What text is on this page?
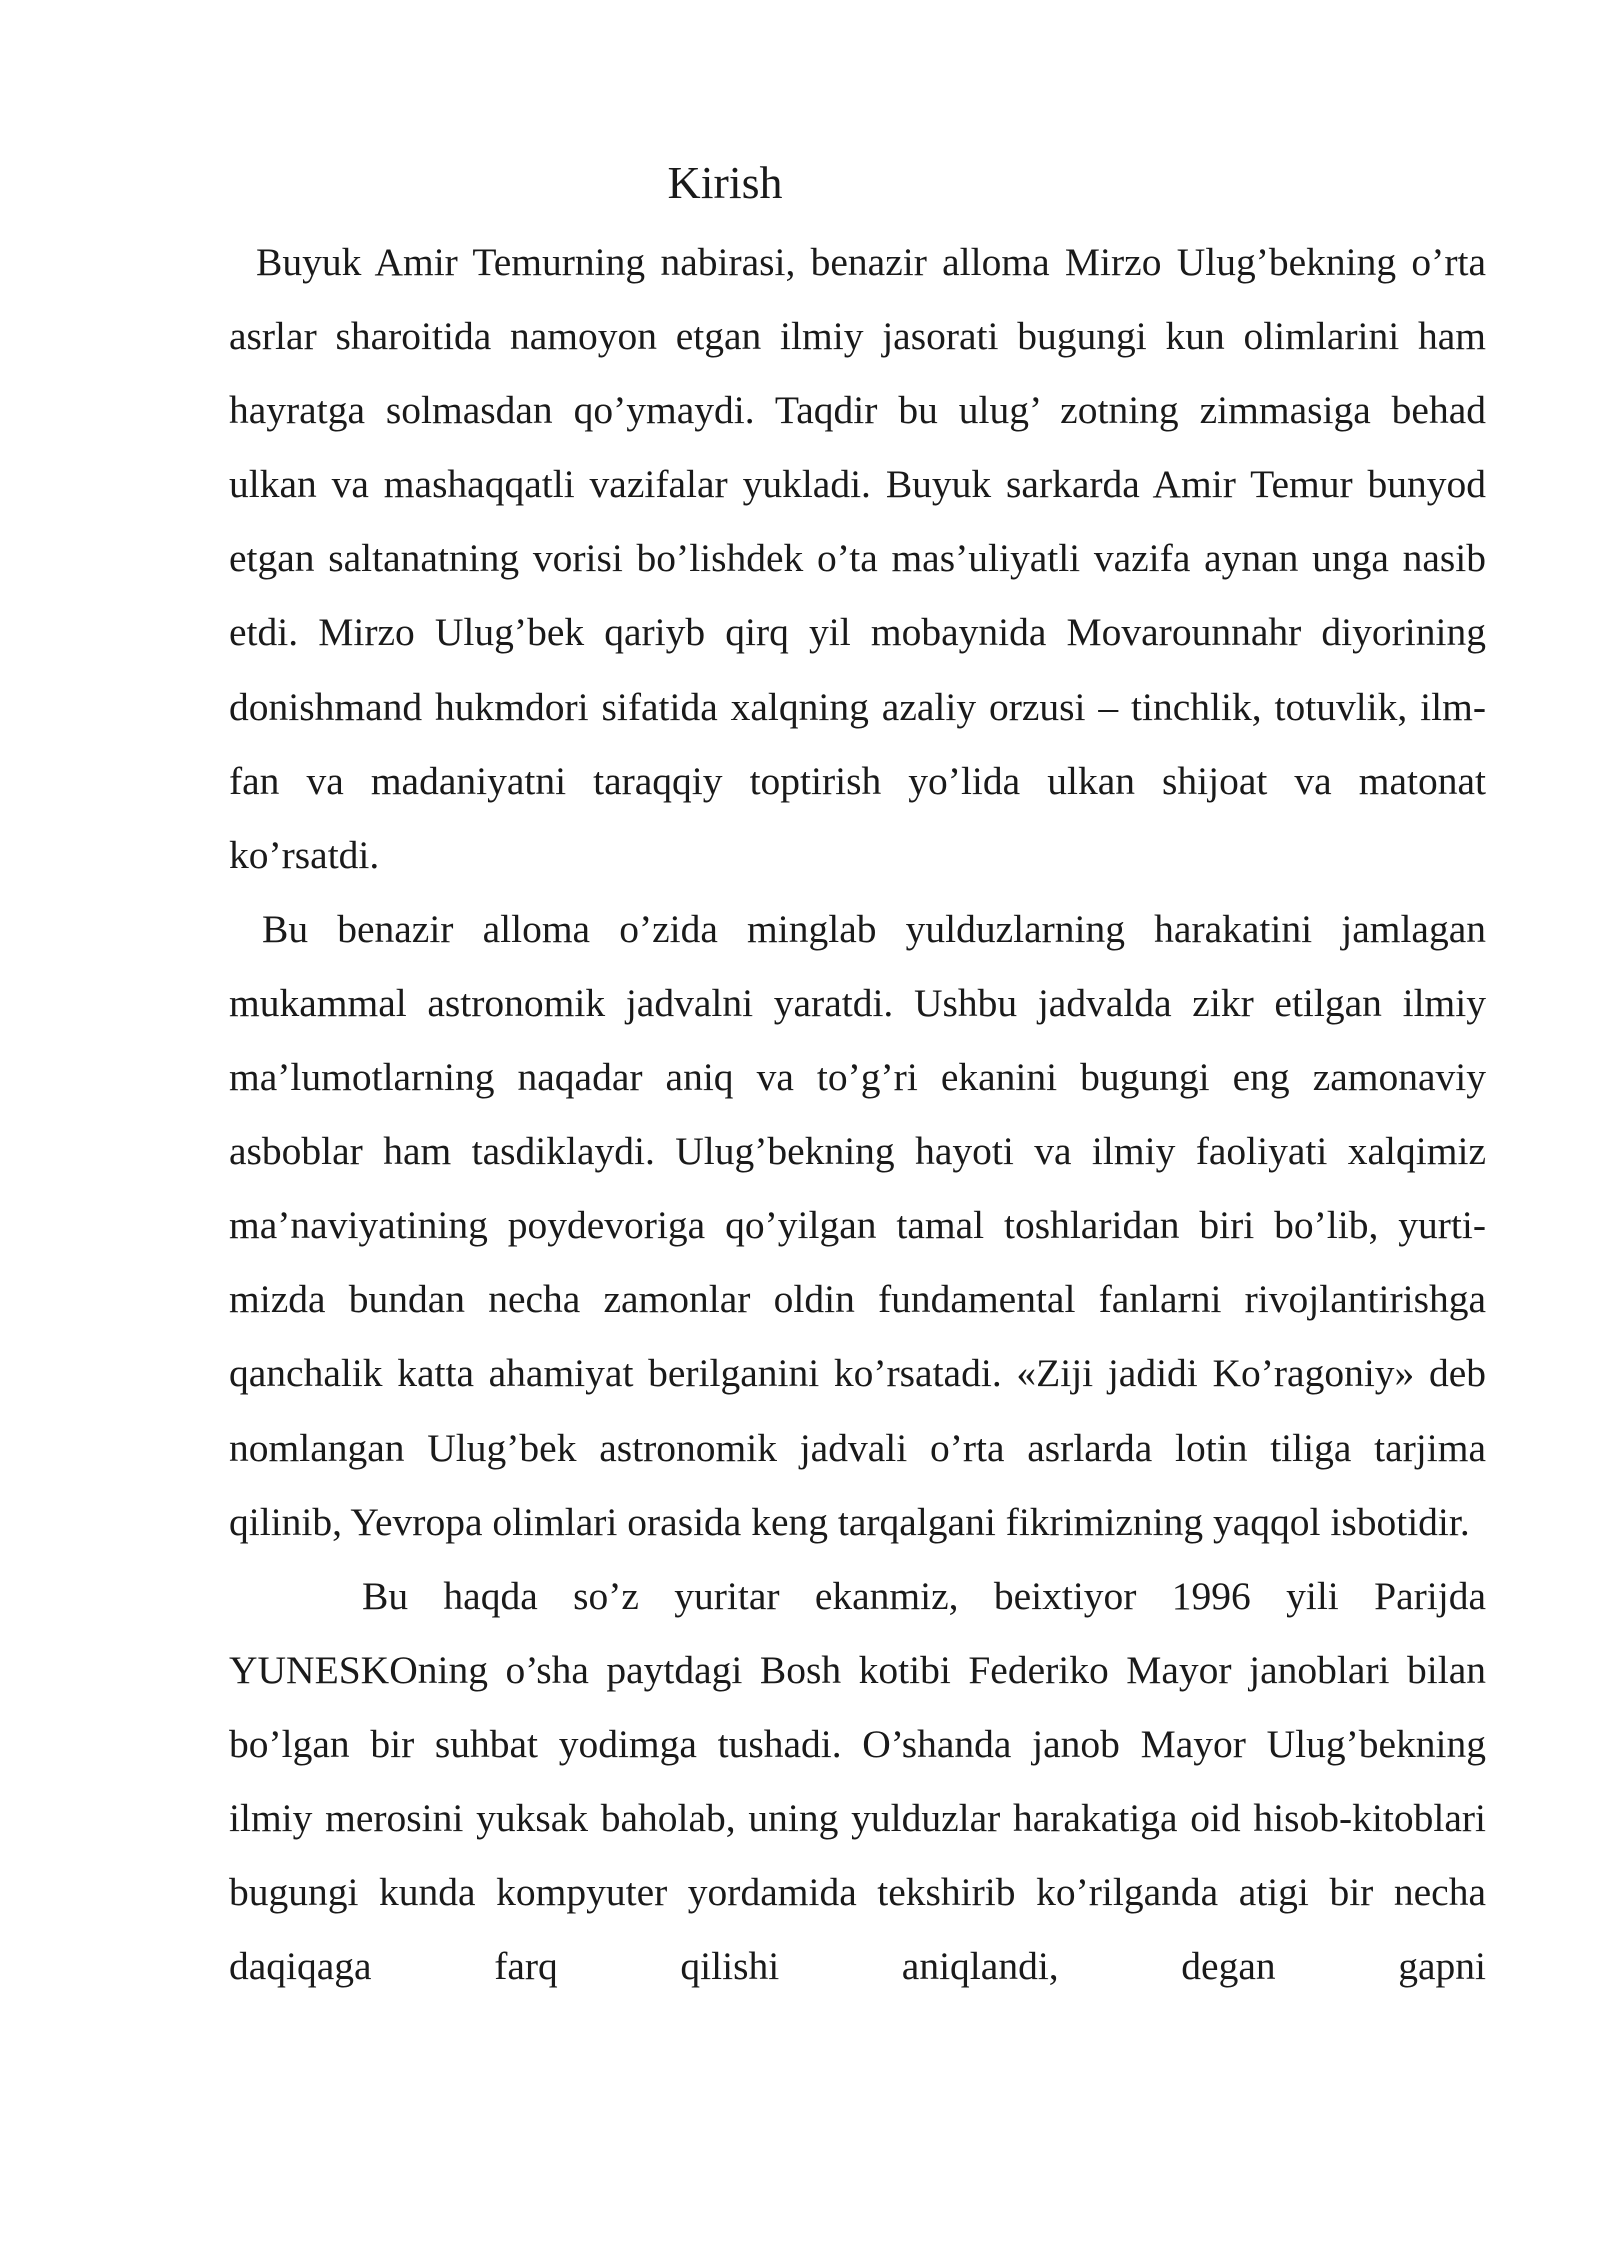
Kirish

Buyuk Amir Temurning nabirasi, benazir alloma Mirzo Ulug’bekning o’rta asrlar sharoitida namoyon etgan ilmiy jasorati bugungi kun olimlarini ham hayratga solmasdan qo’ymaydi. Taqdir bu ulug’ zotning zimmasiga behad ulkan va mashaqqatli vazifalar yukladi. Buyuk sarkarda Amir Temur bunyod etgan saltanatning vorisi bo’lishdek o’ta mas’uliyatli vazifa aynan unga nasib etdi. Mirzo Ulug’bek qariyb qirq yil mobaynida Movarounnahr diyorining donishmand hukmdori sifatida xalqning azaliy orzusi – tinchlik, totuvlik, ilm-fan va madaniyatni taraqqiy toptirish yo’lida ulkan shijoat va matonat ko’rsatdi.

Bu benazir alloma o’zida minglab yulduzlarning harakatini jamlagan mukammal astronomik jadvalni yaratdi. Ushbu jadvalda zikr etilgan ilmiy ma’lumotlarning naqadar aniq va to’g’ri ekanini bugungi eng zamonaviy asboblar ham tasdiklaydi. Ulug’bekning hayoti va ilmiy faoliyati xalqimiz ma’naviyatining poydevoriga qo’yilgan tamal toshlaridan biri bo’lib, yurti-mizda bundan necha zamonlar oldin fundamental fanlarni rivojlantirishga qanchalik katta ahamiyat berilganini ko’rsatadi. «Ziji jadidi Ko’ragoniy» deb nomlangan Ulug’bek astronomik jadvali o’rta asrlarda lotin tiliga tarjima qilinib, Yevropa olimlari orasida keng tarqalgani fikrimizning yaqqol isbotidir.

Bu haqda so’z yuritar ekanmiz, beixtiyor 1996 yili Parijda YUNESKOning o’sha paytdagi Bosh kotibi Federiko Mayor janoblari bilan bo’lgan bir suhbat yodimga tushadi. O’shanda janob Mayor Ulug’bekning ilmiy merosini yuksak baholab, uning yulduzlar harakatiga oid hisob-kitoblari bugungi kunda kompyuter yordamida tekshirib ko’rilganda atigi bir necha daqiqaga farq qilishi aniqlandi, degan gapni
